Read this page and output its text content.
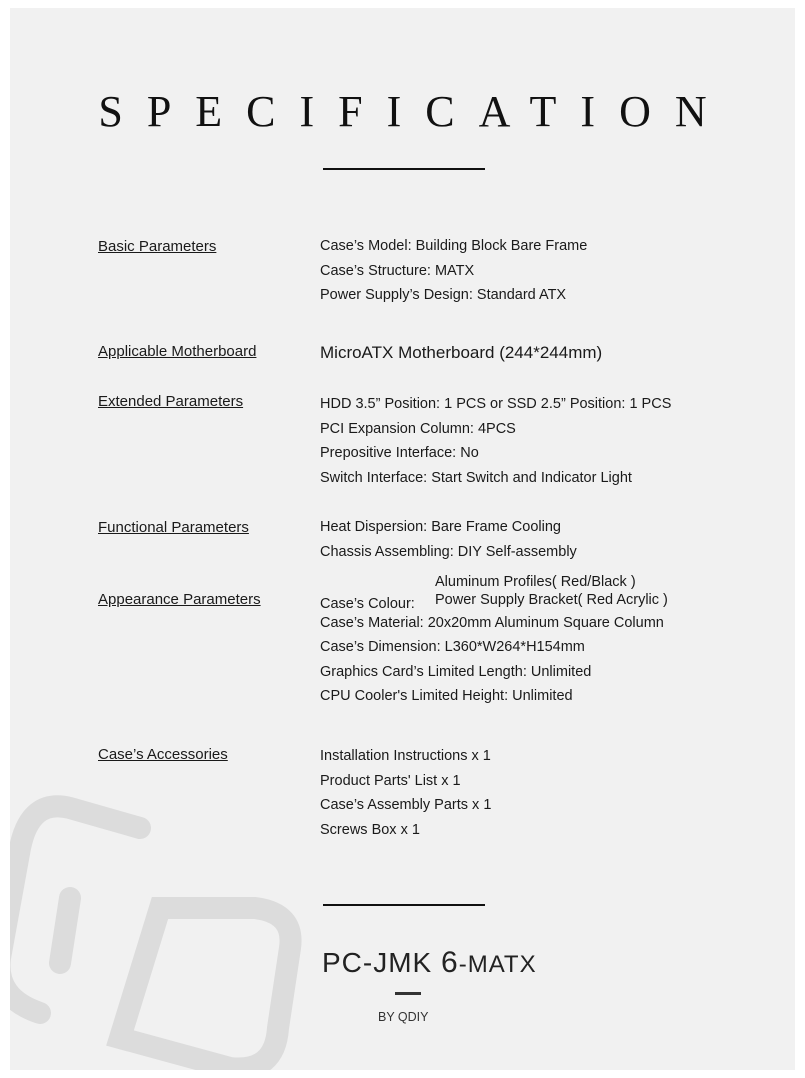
SPECIFICATION
Basic Parameters	Case’s Model: Building Block Bare Frame
Case’s Structure: MATX
Power Supply’s Design: Standard ATX
Applicable Motherboard	MicroATX Motherboard (244*244mm)
Extended Parameters	HDD 3.5” Position: 1 PCS or SSD 2.5” Position: 1 PCS
PCI Expansion Column: 4PCS
Prepositive Interface: No
Switch Interface: Start Switch and Indicator Light
Functional Parameters	Heat Dispersion: Bare Frame Cooling
Chassis Assembling: DIY Self-assembly
Appearance Parameters	Case’s Colour:
Aluminum Profiles( Red/Black )
Power Supply Bracket( Red Acrylic )
Case’s Material: 20x20mm Aluminum Square Column
Case’s Dimension: L360*W264*H154mm
Graphics Card’s Limited Length: Unlimited
CPU Cooler's Limited Height: Unlimited
Case’s Accessories	Installation Instructions x 1
Product Parts' List x 1
Case’s Assembly Parts x 1
Screws Box x 1
PC-JMK 6-MATX
BY QDIY
